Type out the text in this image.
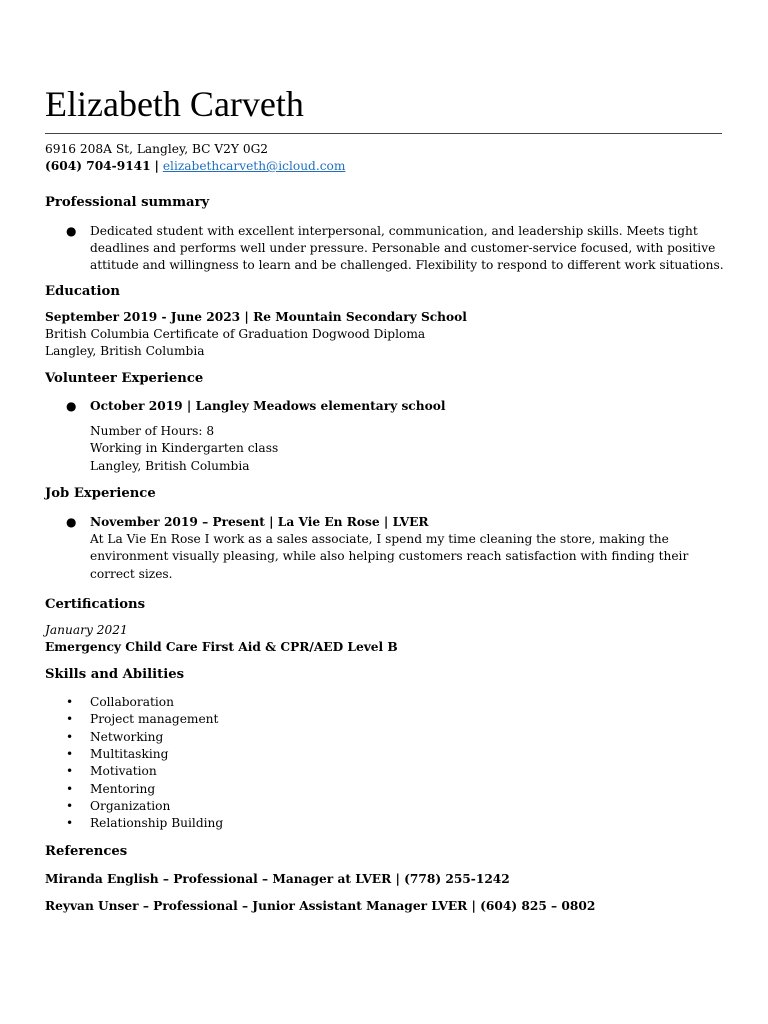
Elizabeth Carveth
6916 208A St, Langley, BC V2Y 0G2
(604) 704-9141 | elizabethcarveth@icloud.com
Professional summary
● Dedicated student with excellent interpersonal, communication, and leadership skills. Meets tight deadlines and performs well under pressure. Personable and customer-service focused, with positive attitude and willingness to learn and be challenged. Flexibility to respond to different work situations.
Education
September 2019 - June 2023 | Re Mountain Secondary School
British Columbia Certificate of Graduation Dogwood Diploma
Langley, British Columbia
Volunteer Experience
● October 2019 | Langley Meadows elementary school
Number of Hours: 8
Working in Kindergarten class
Langley, British Columbia
Job Experience
● November 2019 – Present | La Vie En Rose | LVER
At La Vie En Rose I work as a sales associate, I spend my time cleaning the store, making the environment visually pleasing, while also helping customers reach satisfaction with finding their correct sizes.
Certifications
January 2021
Emergency Child Care First Aid & CPR/AED Level B
Skills and Abilities
• Collaboration
• Project management
• Networking
• Multitasking
• Motivation
• Mentoring
• Organization
• Relationship Building
References
Miranda English – Professional – Manager at LVER | (778) 255-1242
Reyvan Unser – Professional – Junior Assistant Manager LVER | (604) 825 – 0802
